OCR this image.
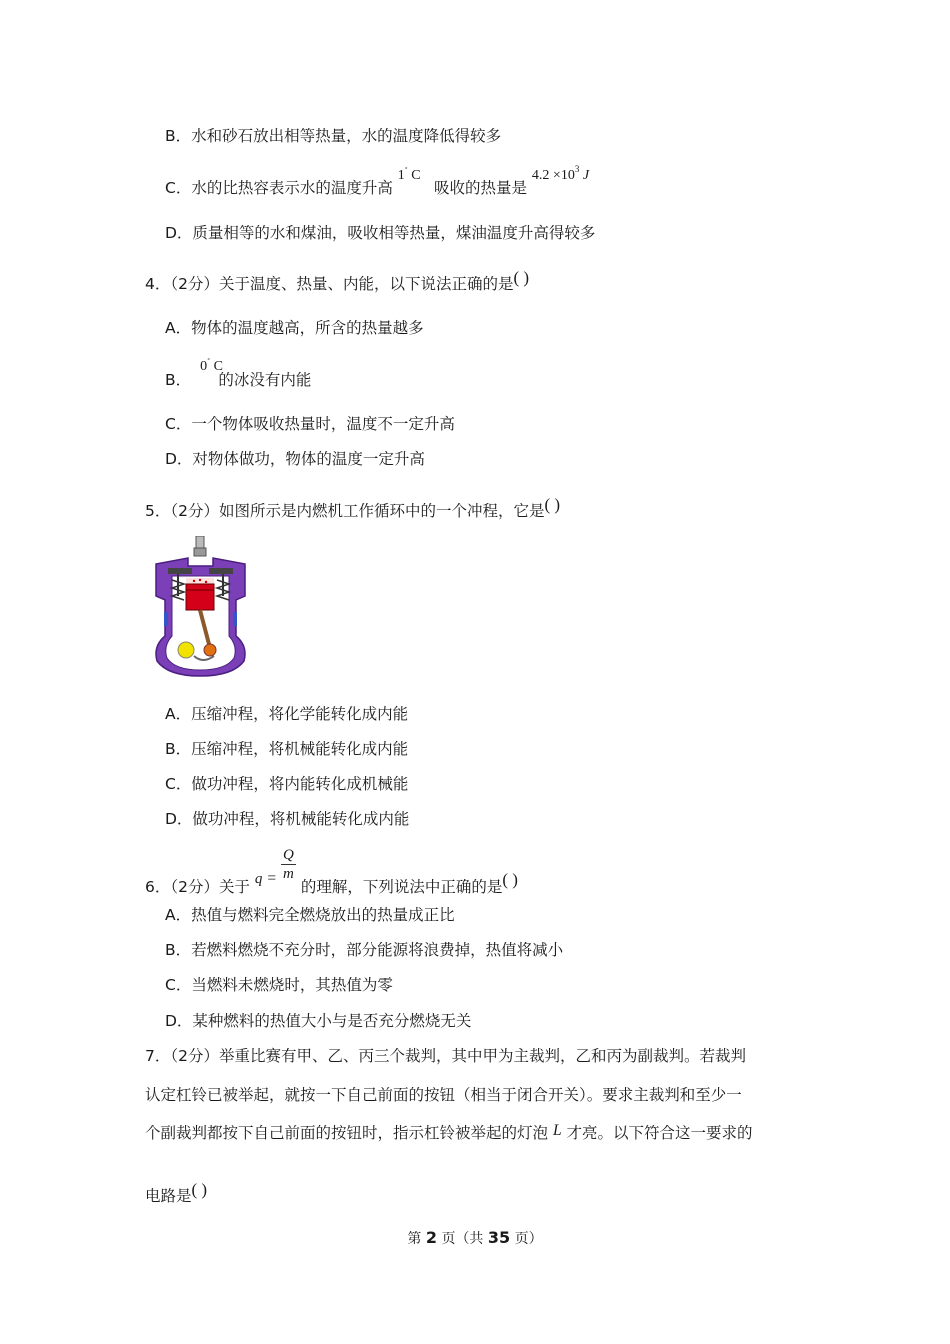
B．水和砂石放出相等热量，水的温度降低得较多
C．水的比热容表示水的温度升高 1˚ C   吸收的热量是 $4.2 \times 10^3$ J
D．质量相等的水和煤油，吸收相等热量，煤油温度升高得较多
4．（2分）关于温度、热量、内能，以下说法正确的是( )
A．物体的温度越高，所含的热量越多
B． 0˚ C 的冰没有内能
C．一个物体吸收热量时，温度不一定升高
D．对物体做功，物体的温度一定升高
5．（2分）如图所示是内燃机工作循环中的一个冲程，它是( )
A．压缩冲程，将化学能转化成内能
B．压缩冲程，将机械能转化成内能
C．做功冲程，将内能转化成机械能
D．做功冲程，将机械能转化成内能
6．（2分）关于 $q = \frac{Q}{m}$
的理解，下列说法中正确的是( )
A．热值与燃料完全燃烧放出的热量成正比
B．若燃料燃烧不充分时，部分能源将浪费掉，热值将减小
C．当燃料未燃烧时，其热值为零
D．某种燃料的热值大小与是否充分燃烧无关
7．（2分）举重比赛有甲、乙、丙三个裁判，其中甲为主裁判，乙和丙为副裁判。若裁判
认定杠铃已被举起，就按一下自己前面的按钮（相当于闭合开关）。要求主裁判和至少一
个副裁判都按下自己前面的按钮时，指示杠铃被举起的灯泡 L 才亮。以下符合这一要求的
电路是( )
第 2 页（共 35 页）
